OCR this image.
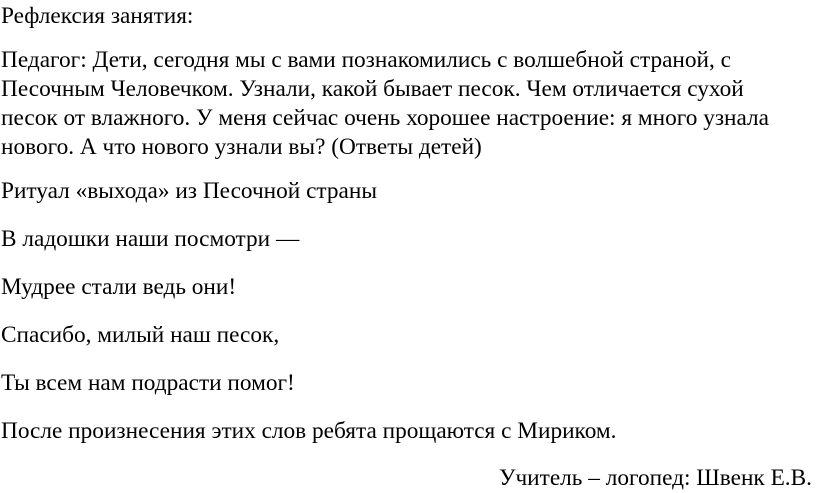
Рефлексия занятия:

Педагог: Дети, сегодня мы с вами познакомились с волшебной страной, с
Песочным Человечком. Узнали, какой бывает песок. Чем отличается сухой
песок от влажного. У меня сейчас очень хорошее настроение: я много узнала
нового. А что нового узнали вы? (Ответы детей)

Ритуал «выхода» из Песочной страны

В ладошки наши посмотри —

Мудрее стали ведь они!

Спасибо, милый наш песок,

Ты всем нам подрасти помог!

После произнесения этих слов ребята прощаются с Мириком.

Учитель – логопед: Швенк Е.В.
